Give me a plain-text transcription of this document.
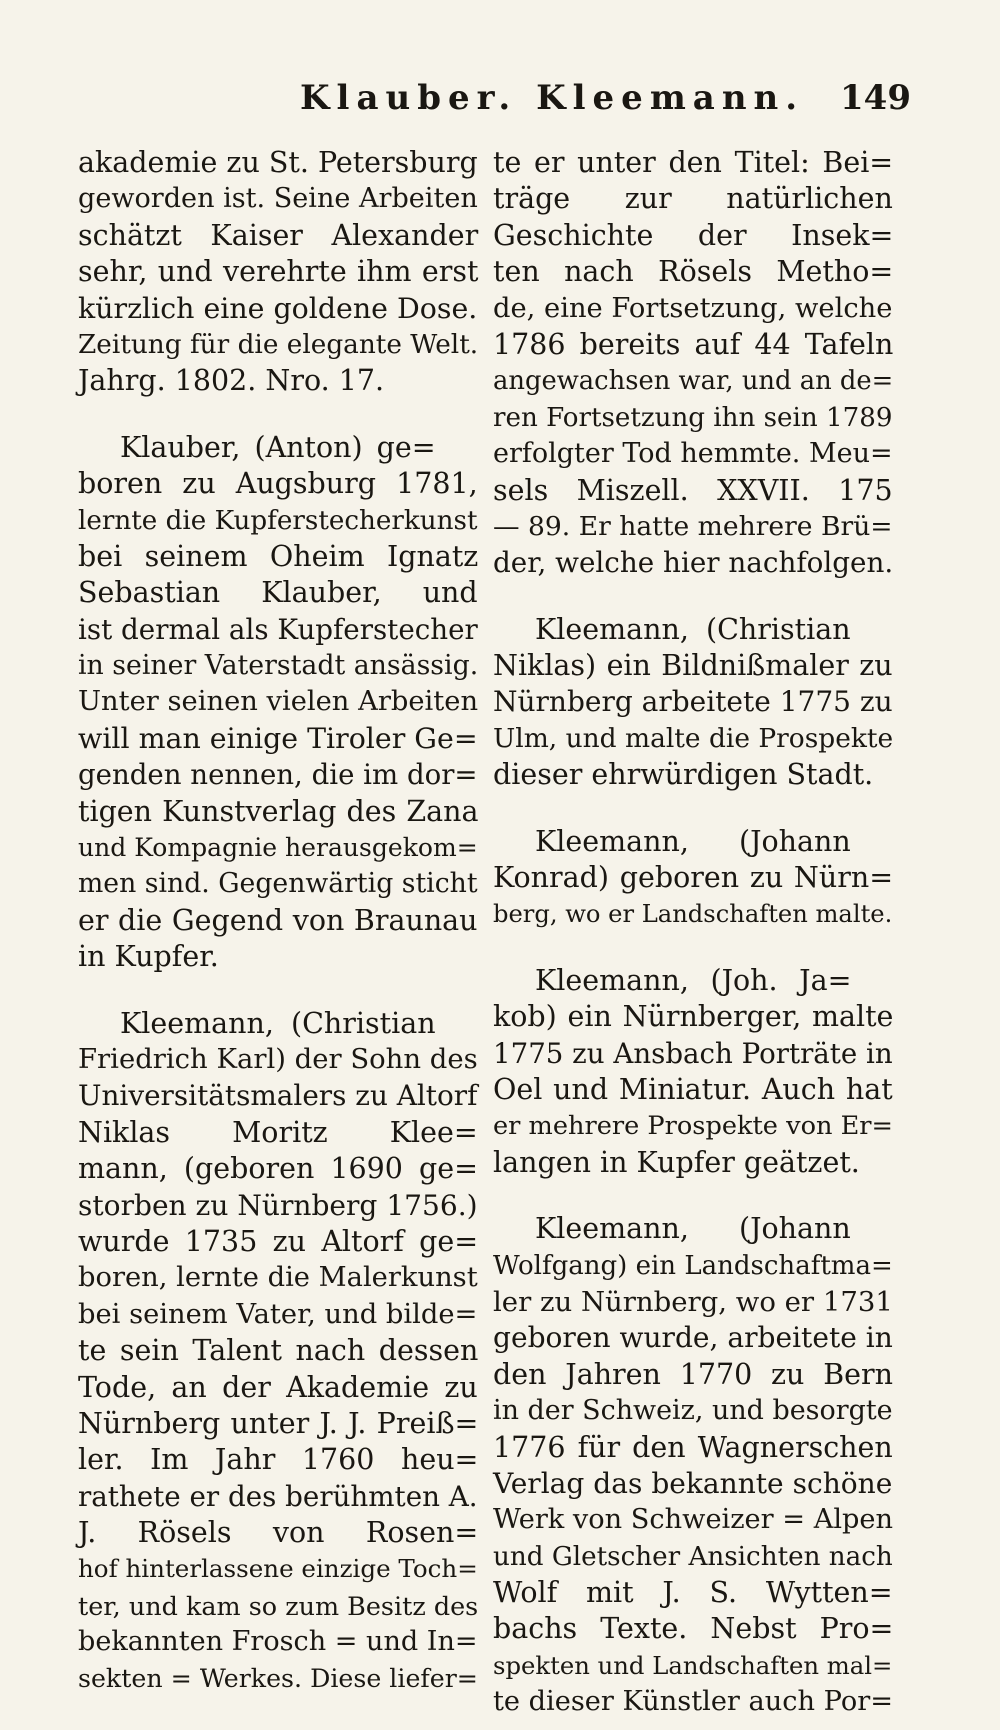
Klauber. Kleemann. 149
akademie zu St. Petersburg
geworden ist. Seine Arbeiten
schätzt Kaiser Alexander
sehr, und verehrte ihm erst
kürzlich eine goldene Dose.
Zeitung für die elegante Welt.
Jahrg. 1802. Nro. 17.
Klauber, (Anton) ge=
boren zu Augsburg 1781,
lernte die Kupferstecherkunst
bei seinem Oheim Ignatz
Sebastian Klauber, und
ist dermal als Kupferstecher
in seiner Vaterstadt ansässig.
Unter seinen vielen Arbeiten
will man einige Tiroler Ge=
genden nennen, die im dor=
tigen Kunstverlag des Zana
und Kompagnie herausgekom=
men sind. Gegenwärtig sticht
er die Gegend von Braunau
in Kupfer.
Kleemann, (Christian
Friedrich Karl) der Sohn des
Universitätsmalers zu Altorf
Niklas Moritz Klee=
mann, (geboren 1690 ge=
storben zu Nürnberg 1756.)
wurde 1735 zu Altorf ge=
boren, lernte die Malerkunst
bei seinem Vater, und bilde=
te sein Talent nach dessen
Tode, an der Akademie zu
Nürnberg unter J. J. Preiß=
ler. Im Jahr 1760 heu=
rathete er des berühmten A.
J. Rösels von Rosen=
hof hinterlassene einzige Toch=
ter, und kam so zum Besitz des
bekannten Frosch = und In=
sekten = Werkes. Diese liefer=
te er unter den Titel: Bei=
träge zur natürlichen
Geschichte der Insek=
ten nach Rösels Metho=
de, eine Fortsetzung, welche
1786 bereits auf 44 Tafeln
angewachsen war, und an de=
ren Fortsetzung ihn sein 1789
erfolgter Tod hemmte. Meu=
sels Miszell. XXVII. 175
— 89. Er hatte mehrere Brü=
der, welche hier nachfolgen.
Kleemann, (Christian
Niklas) ein Bildnißmaler zu
Nürnberg arbeitete 1775 zu
Ulm, und malte die Prospekte
dieser ehrwürdigen Stadt.
Kleemann, (Johann
Konrad) geboren zu Nürn=
berg, wo er Landschaften malte.
Kleemann, (Joh. Ja=
kob) ein Nürnberger, malte
1775 zu Ansbach Porträte in
Oel und Miniatur. Auch hat
er mehrere Prospekte von Er=
langen in Kupfer geätzet.
Kleemann, (Johann
Wolfgang) ein Landschaftma=
ler zu Nürnberg, wo er 1731
geboren wurde, arbeitete in
den Jahren 1770 zu Bern
in der Schweiz, und besorgte
1776 für den Wagnerschen
Verlag das bekannte schöne
Werk von Schweizer = Alpen
und Gletscher Ansichten nach
Wolf mit J. S. Wytten=
bachs Texte. Nebst Pro=
spekten und Landschaften mal=
te dieser Künstler auch Por=
